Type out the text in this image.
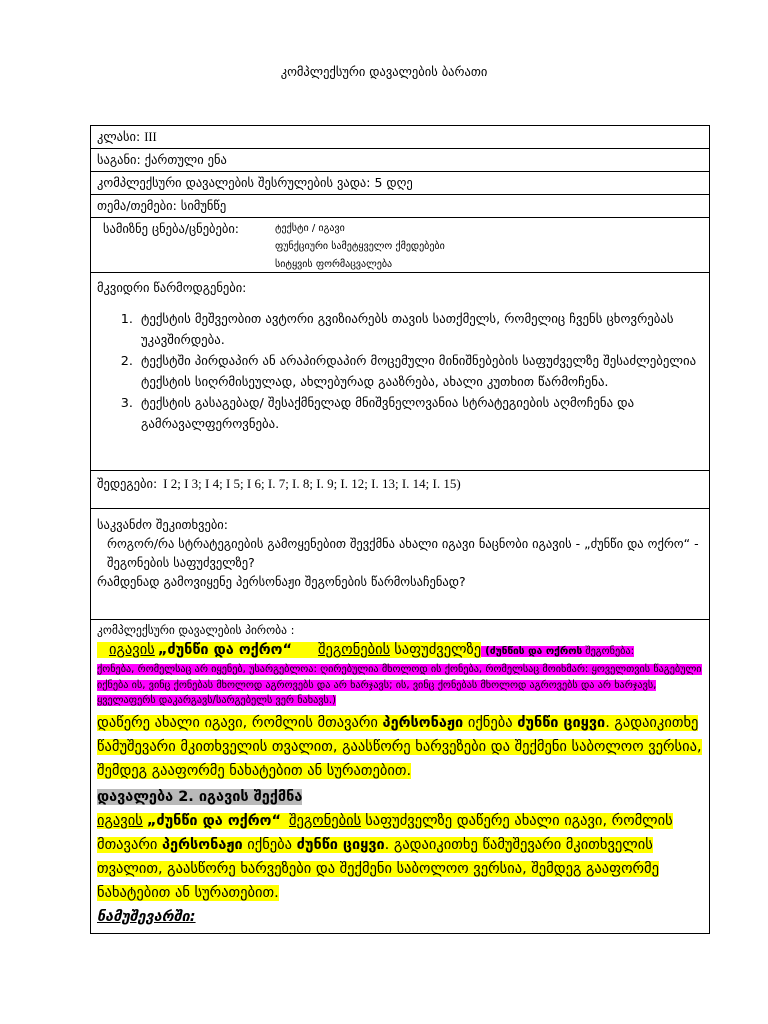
კომპლექსური დავალების ბარათი
კლასი: III
საგანი: ქართული ენა
კომპლექსური დავალების შესრულების ვადა: 5 დღე
თემა/თემები: სიმუნწე
სამიზნე ცნება/ცნებები:	ტექსტი / იგავი
ფუნქციური სამეტყველო ქმედებები
სიტყვის ფორმაცვალება
მკვიდრი წარმოდგენები:
1. ტექსტის მეშვეობით ავტორი გვიზიარებს თავის სათქმელს, რომელიც ჩვენს ცხოვრებას უკავშირდება.
2. ტექსტში პირდაპირ ან არაპირდაპირ მოცემული მინიშნებების საფუძველზე შესაძლებელია ტექსტის სიღრმისეულად, ახლებურად გააზრება, ახალი კუთხით წარმოჩენა.
3. ტექსტის გასაგებად/ შესაქმნელად მნიშვნელოვანია სტრატეგიების აღმოჩენა და გამრავალფეროვნება.
შედეგები: I 2; I 3; I 4; I 5; I 6; I. 7; I. 8; I. 9; I. 12; I. 13; I. 14; I. 15)
საკვანძო შეკითხვები:
როგორ/რა სტრატეგიების გამოყენებით შევქმნა ახალი იგავი ნაცნობი იგავის - „ძუნწი და ოქრო“ - შეგონების საფუძველზე?
რამდენად გამოვიყენე პერსონაჟი შეგონების წარმოსაჩენად?
კომპლექსური დავალების პირობა :
იგავის „ძუნწი და ოქრო“ შეგონების საფუძველზე (ძუნწის და ოქროს შეგონება:
ქონება, რომელსაც არ იყენებ, უსარგებლოა: ღირებულია მხოლოდ ის ქონება, რომელსაც მოიხმარ: ყოველთვის წაგებული იქნება ის, ვინც ქონებას მხოლოდ აგროვებს და არ ხარჯავს; ის, ვინც ქონებას მხოლოდ აგროვებს და არ ხარჯავს, ყველაფერს დაკარგავს/სარგებელს ვერ ნახავს.)
დაწერე ახალი იგავი, რომლის მთავარი პერსონაჟი იქნება ძუნწი ციყვი. გადაიკითხე წამუშევარი მკითხველის თვალით, გაასწორე ხარვეზები და შექმენი საბოლოო ვერსია, შემდეგ გააფორმე ნახატებით ან სურათებით.
დავალება 2. იგავის შექმნა
იგავის „ძუნწი და ოქრო“ შეგონების საფუძველზე დაწერე ახალი იგავი, რომლის მთავარი პერსონაჟი იქნება ძუნწი ციყვი. გადაიკითხე წამუშევარი მკითხველის თვალით, გაასწორე ხარვეზები და შექმენი საბოლოო ვერსია, შემდეგ გააფორმე ნახატებით ან სურათებით.
ნამუშევარში:
